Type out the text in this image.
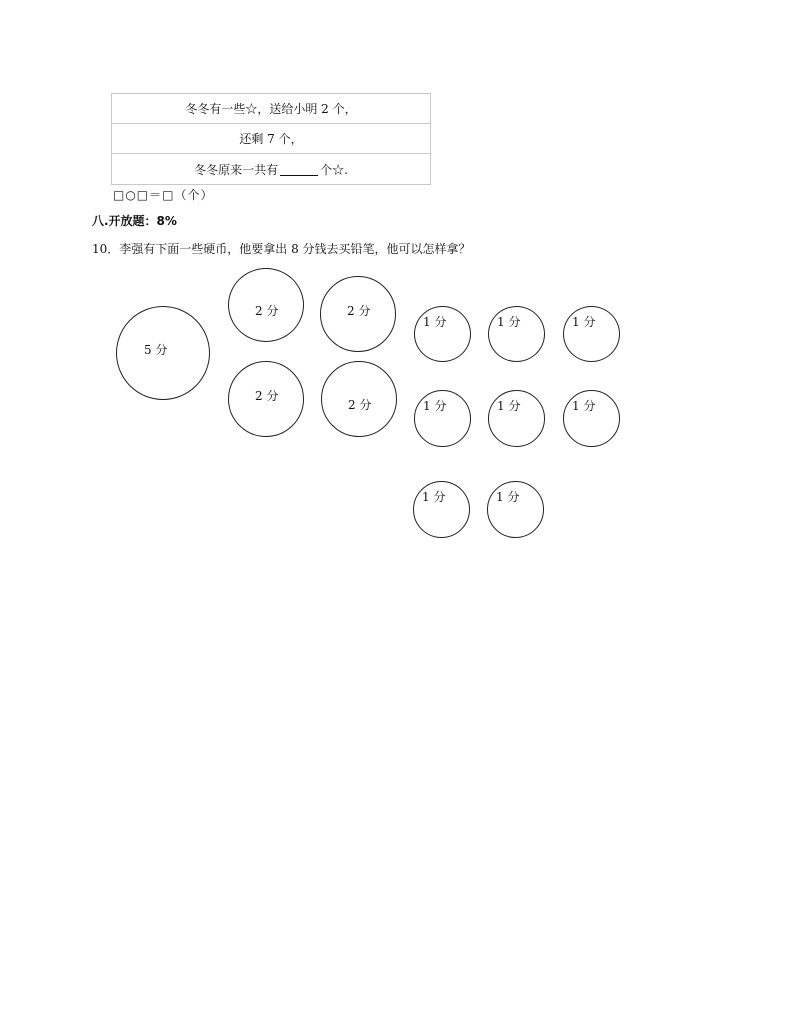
冬冬有一些☆，送给小明 2 个，
还剩 7 个，
冬冬原来一共有	个☆.
□○□＝□（个）
八.开放题：8%
10．李强有下面一些硬币，他要拿出 8 分钱去买铅笔，他可以怎样拿？
5 分
2 分	2 分
2 分
2 分
1 分	1 分	1 分
1 分	1 分	1 分
1 分	1 分
